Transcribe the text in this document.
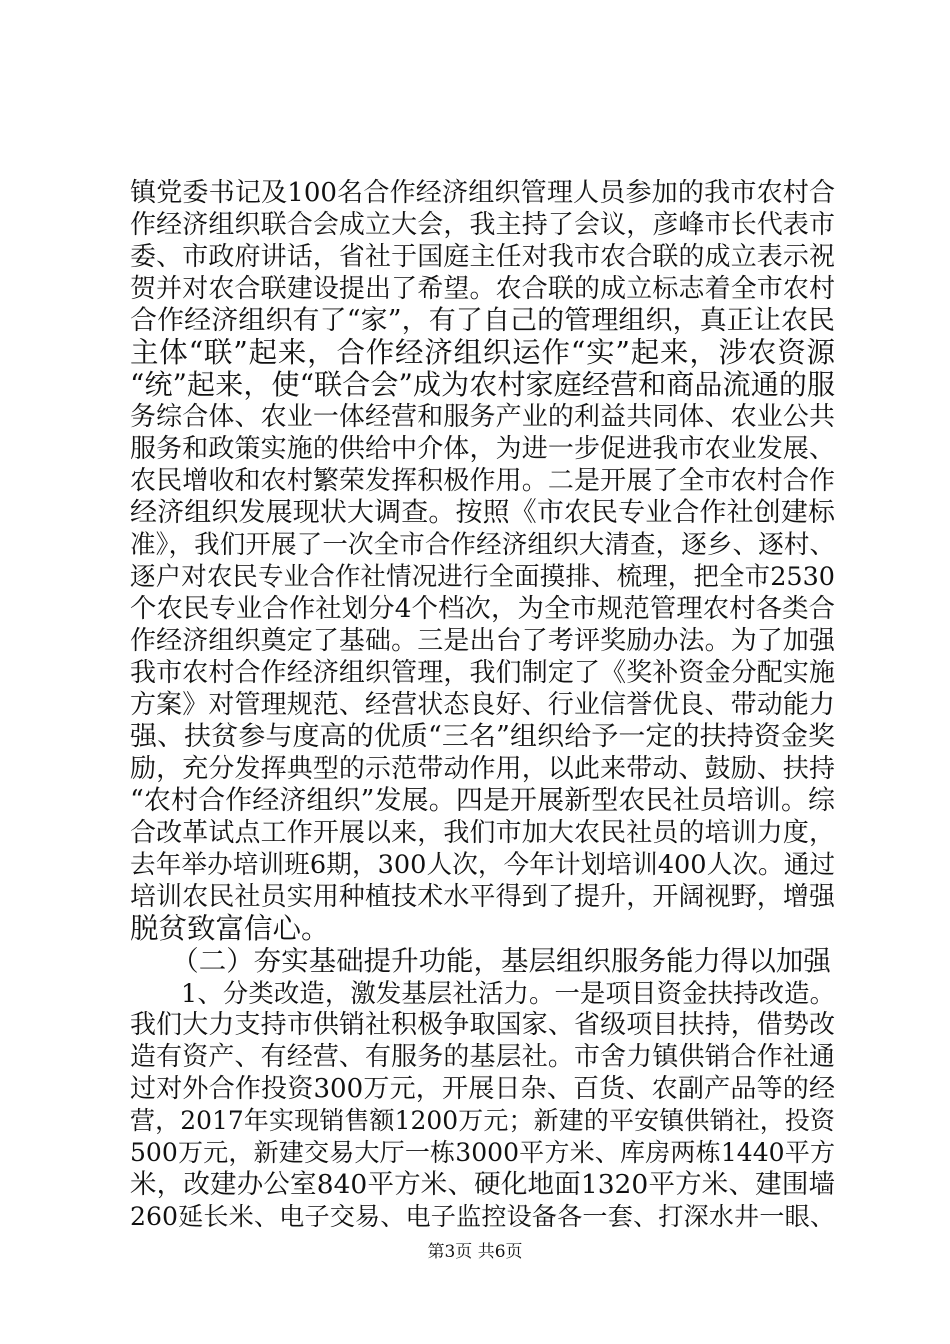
镇党委书记及100名合作经济组织管理人员参加的我市农村合
作经济组织联合会成立大会，我主持了会议，彦峰市长代表市
委、市政府讲话，省社于国庭主任对我市农合联的成立表示祝
贺并对农合联建设提出了希望。农合联的成立标志着全市农村
合作经济组织有了“家”，有了自己的管理组织，真正让农民
主体“联”起来，合作经济组织运作“实”起来，涉农资源
“统”起来，使“联合会”成为农村家庭经营和商品流通的服
务综合体、农业一体经营和服务产业的利益共同体、农业公共
服务和政策实施的供给中介体，为进一步促进我市农业发展、
农民增收和农村繁荣发挥积极作用。二是开展了全市农村合作
经济组织发展现状大调查。按照《市农民专业合作社创建标
准》，我们开展了一次全市合作经济组织大清查，逐乡、逐村、
逐户对农民专业合作社情况进行全面摸排、梳理，把全市2530
个农民专业合作社划分4个档次，为全市规范管理农村各类合
作经济组织奠定了基础。三是出台了考评奖励办法。为了加强
我市农村合作经济组织管理，我们制定了《奖补资金分配实施
方案》对管理规范、经营状态良好、行业信誉优良、带动能力
强、扶贫参与度高的优质“三名”组织给予一定的扶持资金奖
励，充分发挥典型的示范带动作用，以此来带动、鼓励、扶持
“农村合作经济组织”发展。四是开展新型农民社员培训。综
合改革试点工作开展以来，我们市加大农民社员的培训力度，
去年举办培训班6期，300人次，今年计划培训400人次。通过
培训农民社员实用种植技术水平得到了提升，开阔视野，增强
脱贫致富信心。
　　（二）夯实基础提升功能，基层组织服务能力得以加强
　　1、分类改造，激发基层社活力。一是项目资金扶持改造。
我们大力支持市供销社积极争取国家、省级项目扶持，借势改
造有资产、有经营、有服务的基层社。市舍力镇供销合作社通
过对外合作投资300万元，开展日杂、百货、农副产品等的经
营，2017年实现销售额1200万元；新建的平安镇供销社，投资
500万元，新建交易大厅一栋3000平方米、库房两栋1440平方
米，改建办公室840平方米、硬化地面1320平方米、建围墙
260延长米、电子交易、电子监控设备各一套、打深水井一眼、
第3页 共6页
